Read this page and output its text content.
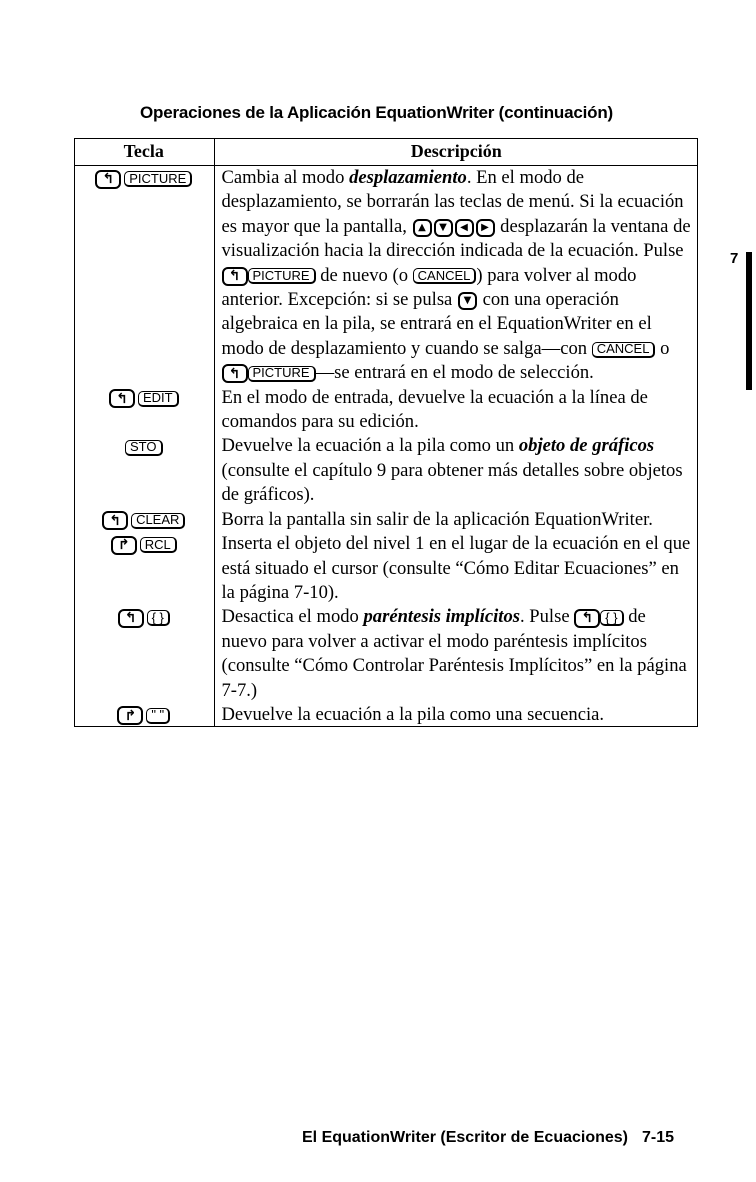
Operaciones de la Aplicación EquationWriter (continuación)
Tecla	Descripción

↰ PICTURE	Cambia al modo desplazamiento. En el modo de desplazamiento, se borrarán las teclas de menú. Si la ecuación es mayor que la pantalla, ▲ ▼ ◀ ▶ desplazarán la ventana de visualización hacia la dirección indicada de la ecuación. Pulse ↰ PICTURE de nuevo (o CANCEL ) para volver al modo anterior. Excepción: si se pulsa ▼ con una operación algebraica en la pila, se entrará en el EquationWriter en el modo de desplazamiento y cuando se salga—con CANCEL o ↰ PICTURE —se entrará en el modo de selección.

↰ EDIT	En el modo de entrada, devuelve la ecuación a la línea de comandos para su edición.

STO	Devuelve la ecuación a la pila como un objeto de gráficos (consulte el capítulo 9 para obtener más detalles sobre objetos de gráficos).

↰ CLEAR	Borra la pantalla sin salir de la aplicación EquationWriter.

↱ RCL	Inserta el objeto del nivel 1 en el lugar de la ecuación en el que está situado el cursor (consulte “Cómo Editar Ecuaciones” en la página 7-10).

↰ { }	Desactica el modo paréntesis implícitos. Pulse ↰ { } de nuevo para volver a activar el modo paréntesis implícitos (consulte “Cómo Controlar Paréntesis Implícitos” en la página 7-7.)

↱ " "	Devuelve la ecuación a la pila como una secuencia.
7
El EquationWriter (Escritor de Ecuaciones) 7-15
